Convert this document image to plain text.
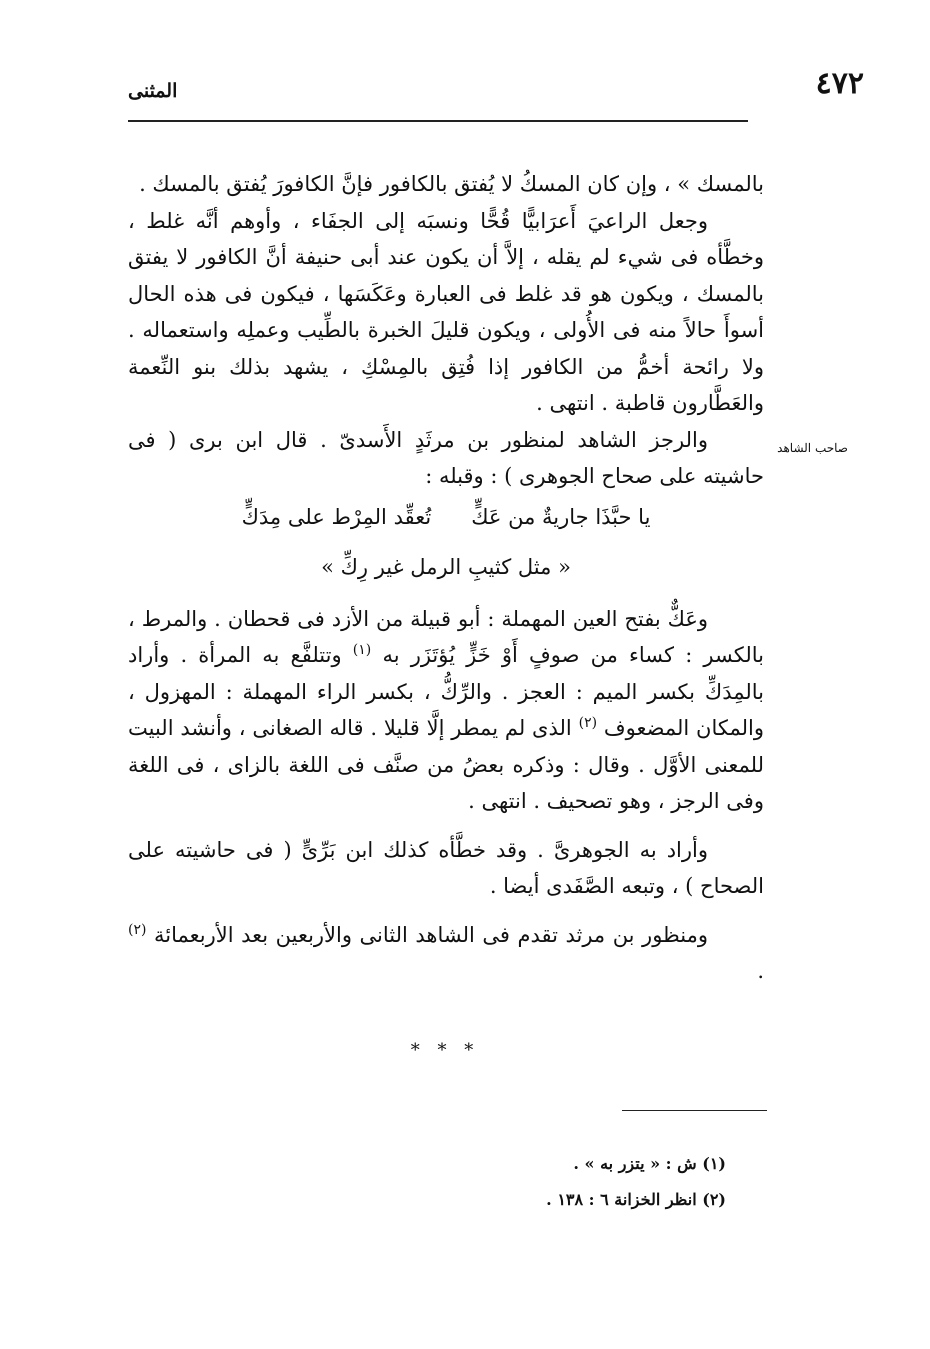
٤٧٢
المثنى
صاحب الشاهد

بالمسك » ، وإن كان المسكُ لا يُفتق بالكافور فإنَّ الكافورَ يُفتق بالمسك .

وجعل الراعيَ أَعرَابيًّا قُحًّا ونسبَه إلى الجفَاء ، وأوهم أنَّه غلط ، وخطَّأه فى شيء لم يقله ، إلاَّ أن يكون عند أبى حنيفة أنَّ الكافور لا يفتق بالمسك ، ويكون هو قد غلط فى العبارة وعَكَسَها ، فيكون فى هذه الحال أسوأَ حالاً منه فى الأُولى ، ويكون قليلَ الخبرة بالطِّيب وعملِه واستعماله . ولا رائحة أخمُّ من الكافور إذا فُتِق بالمِسْكِ ، يشهد بذلك بنو النِّعمة والعَطَّارون قاطبة . انتهى .

والرجز الشاهد لمنظور بن مرثَدٍ الأَسدىّ . قال ابن برى ( فى حاشيته على صحاح الجوهرى ) : وقبله :

يا حبَّذَا جاريةٌ من عَكٍّ
تُعقِّد المِرْط على مِدَكٍّ
« مثل كثيبِ الرمل غير رِكِّ »

وعَكٌّ بفتح العين المهملة : أبو قبيلة من الأزد فى قحطان . والمرط ، بالكسر : كساء من صوفٍ أَوْ خَزٍّ يُؤتَزَر به $^{(١)}$ وتتلفَّع به المرأة . وأراد بالمِدَكِّ بكسر الميم : العجز . والرِّكُّ ، بكسر الراء المهملة : المهزول ، والمكان المضعوف $^{(٢)}$ الذى لم يمطر إلَّا قليلا . قاله الصغانى ، وأنشد البيت للمعنى الأوَّل . وقال : وذكره بعضُ من صنَّف فى اللغة بالزاى ، فى اللغة وفى الرجز ، وهو تصحيف . انتهى .

وأراد به الجوهرىَّ . وقد خطَّأه كذلك ابن بَرِّىٍّ ( فى حاشيته على الصحاح ) ، وتبعه الصَّفَدى أيضا .

ومنظور بن مرثد تقدم فى الشاهد الثانى والأربعين بعد الأربعمائة $^{(٢)}$ .

* * *

(١) ش : « يتزر به » .

(٢) انظر الخزانة ٦ : ١٣٨ .
